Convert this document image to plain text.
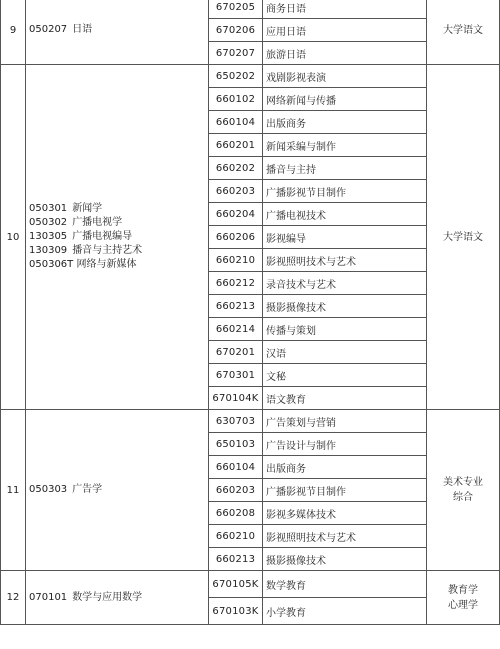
9	050207 日语	670205	商务日语	大学语文

		670206	应用日语	
		670207	旅游日语	
10	050301 新闻学
050302 广播电视学
130305 广播电视编导
130309 播音与主持艺术
050306T 网络与新媒体	650202	戏剧影视表演	大学语文

		660102	网络新闻与传播	
		660104	出版商务	
		660201	新闻采编与制作	
		660202	播音与主持	
		660203	广播影视节目制作	
		660204	广播电视技术	
		660206	影视编导	
		660210	影视照明技术与艺术	
		660212	录音技术与艺术	
		660213	摄影摄像技术	
		660214	传播与策划	
		670201	汉语	
		670301	文秘	
		670104K	语文教育	
11	050303 广告学	630703	广告策划与营销	美术专业
综合

		650103	广告设计与制作	
		660104	出版商务	
		660203	广播影视节目制作	
		660208	影视多媒体技术	
		660210	影视照明技术与艺术	
		660213	摄影摄像技术	
12	070101 数学与应用数学	670105K	数学教育	教育学
心理学

		670103K	小学教育	
